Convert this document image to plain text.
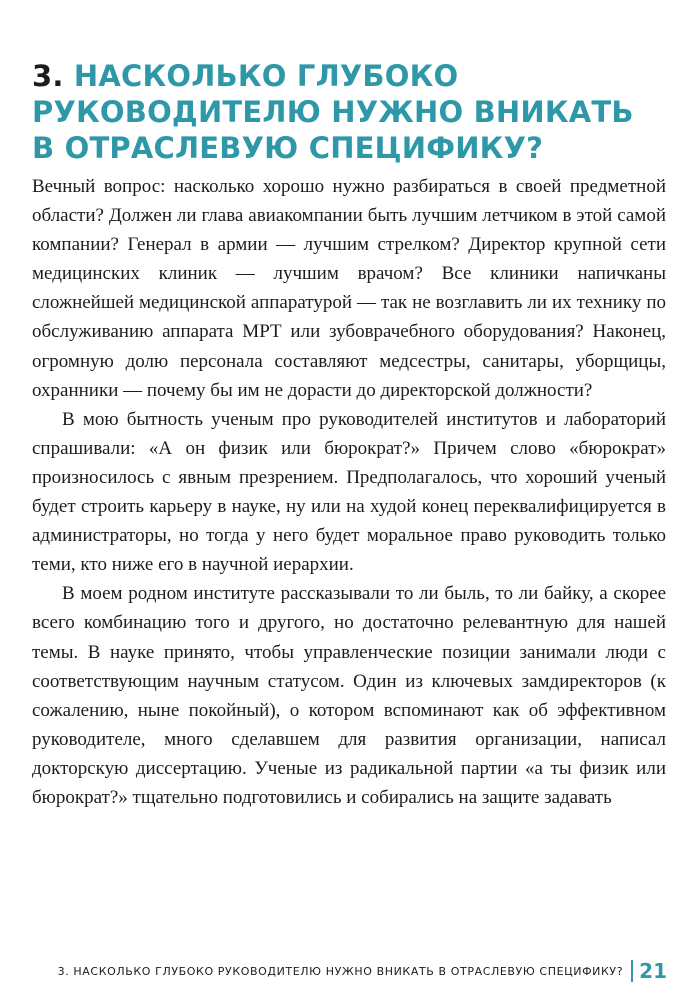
3. НАСКОЛЬКО ГЛУБОКО РУКОВОДИТЕЛЮ НУЖНО ВНИКАТЬ В ОТРАСЛЕВУЮ СПЕЦИФИКУ?

Вечный вопрос: насколько хорошо нужно разбираться в своей предметной области? Должен ли глава авиакомпании быть лучшим летчиком в этой самой компании? Генерал в армии — лучшим стрелком? Директор крупной сети медицинских клиник — лучшим врачом? Все клиники напичканы сложнейшей медицинской аппаратурой — так не возглавить ли их технику по обслуживанию аппарата МРТ или зубоврачебного оборудования? Наконец, огромную долю персонала составляют медсестры, санитары, уборщицы, охранники — почему бы им не дорасти до директорской должности?

В мою бытность ученым про руководителей институтов и лабораторий спрашивали: «А он физик или бюрократ?» Причем слово «бюрократ» произносилось с явным презрением. Предполагалось, что хороший ученый будет строить карьеру в науке, ну или на худой конец переквалифицируется в администраторы, но тогда у него будет моральное право руководить только теми, кто ниже его в научной иерархии.

В моем родном институте рассказывали то ли быль, то ли байку, а скорее всего комбинацию того и другого, но достаточно релевантную для нашей темы. В науке принято, чтобы управленческие позиции занимали люди с соответствующим научным статусом. Один из ключевых замдиректоров (к сожалению, ныне покойный), о котором вспоминают как об эффективном руководителе, много сделавшем для развития организации, написал докторскую диссертацию. Ученые из радикальной партии «а ты физик или бюрократ?» тщательно подготовились и собирались на защите задавать

3. НАСКОЛЬКО ГЛУБОКО РУКОВОДИТЕЛЮ НУЖНО ВНИКАТЬ В ОТРАСЛЕВУЮ СПЕЦИФИКУ? 21
